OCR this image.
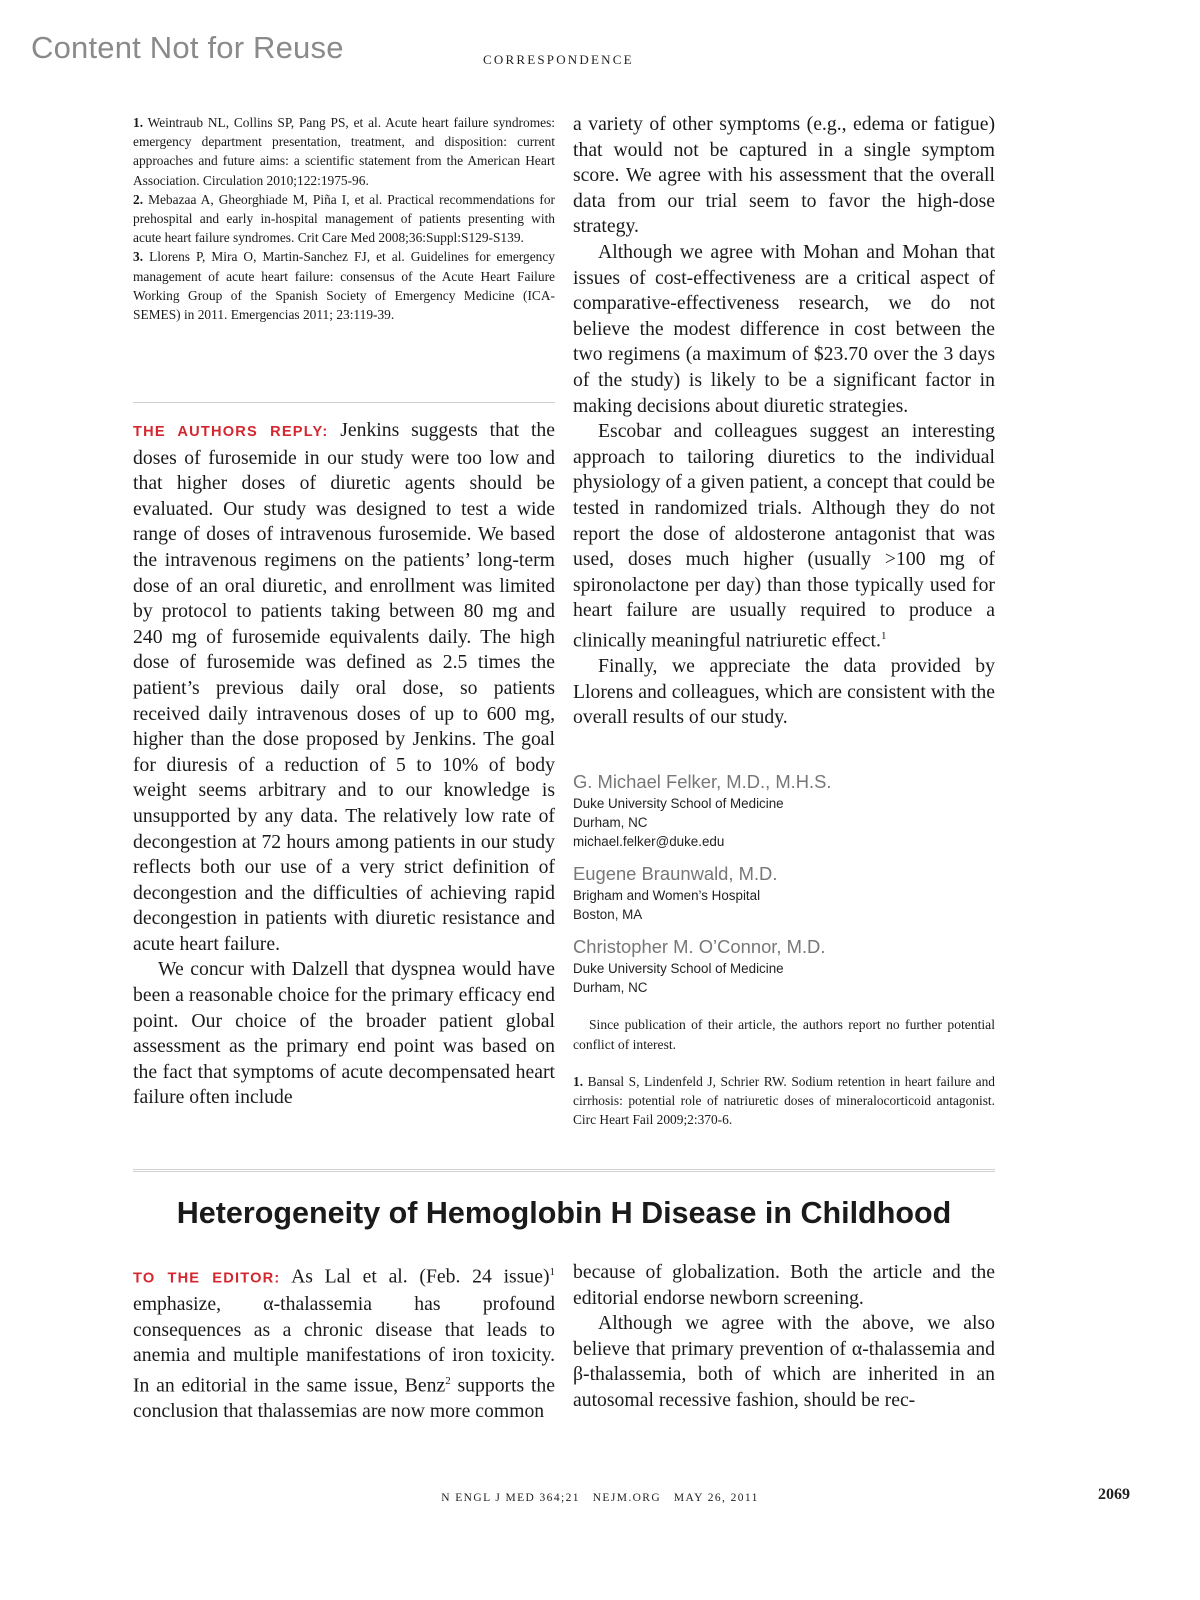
Content Not for Reuse	CORRESPONDENCE

1. Weintraub NL, Collins SP, Pang PS, et al. Acute heart failure syndromes: emergency department presentation, treatment, and disposition: current approaches and future aims: a scientific statement from the American Heart Association. Circulation 2010;122:1975-96.

2. Mebazaa A, Gheorghiade M, Piña I, et al. Practical recommendations for prehospital and early in-hospital management of patients presenting with acute heart failure syndromes. Crit Care Med 2008;36:Suppl:S129-S139.

3. Llorens P, Mira O, Martin-Sanchez FJ, et al. Guidelines for emergency management of acute heart failure: consensus of the Acute Heart Failure Working Group of the Spanish Society of Emergency Medicine (ICA-SEMES) in 2011. Emergencias 2011; 23:119-39.

THE AUTHORS REPLY: Jenkins suggests that the doses of furosemide in our study were too low and that higher doses of diuretic agents should be evaluated. Our study was designed to test a wide range of doses of intravenous furosemide. We based the intravenous regimens on the patients’ long-term dose of an oral diuretic, and enrollment was limited by protocol to patients taking between 80 mg and 240 mg of furosemide equivalents daily. The high dose of furosemide was defined as 2.5 times the patient’s previous daily oral dose, so patients received daily intravenous doses of up to 600 mg, higher than the dose proposed by Jenkins. The goal for diuresis of a reduction of 5 to 10% of body weight seems arbitrary and to our knowledge is unsupported by any data. The relatively low rate of decongestion at 72 hours among patients in our study reflects both our use of a very strict definition of decongestion and the difficulties of achieving rapid decongestion in patients with diuretic resistance and acute heart failure.

We concur with Dalzell that dyspnea would have been a reasonable choice for the primary efficacy end point. Our choice of the broader patient global assessment as the primary end point was based on the fact that symptoms of acute decompensated heart failure often include

a variety of other symptoms (e.g., edema or fatigue) that would not be captured in a single symptom score. We agree with his assessment that the overall data from our trial seem to favor the high-dose strategy.

Although we agree with Mohan and Mohan that issues of cost-effectiveness are a critical aspect of comparative-effectiveness research, we do not believe the modest difference in cost between the two regimens (a maximum of $23.70 over the 3 days of the study) is likely to be a significant factor in making decisions about diuretic strategies.

Escobar and colleagues suggest an interesting approach to tailoring diuretics to the individual physiology of a given patient, a concept that could be tested in randomized trials. Although they do not report the dose of aldosterone antagonist that was used, doses much higher (usually >100 mg of spironolactone per day) than those typically used for heart failure are usually required to produce a clinically meaningful natriuretic effect.$^1$

Finally, we appreciate the data provided by Llorens and colleagues, which are consistent with the overall results of our study.

G. Michael Felker, M.D., M.H.S.

Duke University School of Medicine

Durham, NC

michael.felker@duke.edu

Eugene Braunwald, M.D.

Brigham and Women’s Hospital

Boston, MA

Christopher M. O’Connor, M.D.

Duke University School of Medicine

Durham, NC

Since publication of their article, the authors report no further potential conflict of interest.

1. Bansal S, Lindenfeld J, Schrier RW. Sodium retention in heart failure and cirrhosis: potential role of natriuretic doses of mineralocorticoid antagonist. Circ Heart Fail 2009;2:370-6.

Heterogeneity of Hemoglobin H Disease in Childhood

TO THE EDITOR: As Lal et al. (Feb. 24 issue)$^1$ emphasize, α-thalassemia has profound consequences as a chronic disease that leads to anemia and multiple manifestations of iron toxicity. In an editorial in the same issue, Benz$^2$ supports the conclusion that thalassemias are now more common

because of globalization. Both the article and the editorial endorse newborn screening.

Although we agree with the above, we also believe that primary prevention of α-thalassemia and β-thalassemia, both of which are inherited in an autosomal recessive fashion, should be rec-

N ENGL J MED 364;21   NEJM.ORG   MAY 26, 2011	2069
